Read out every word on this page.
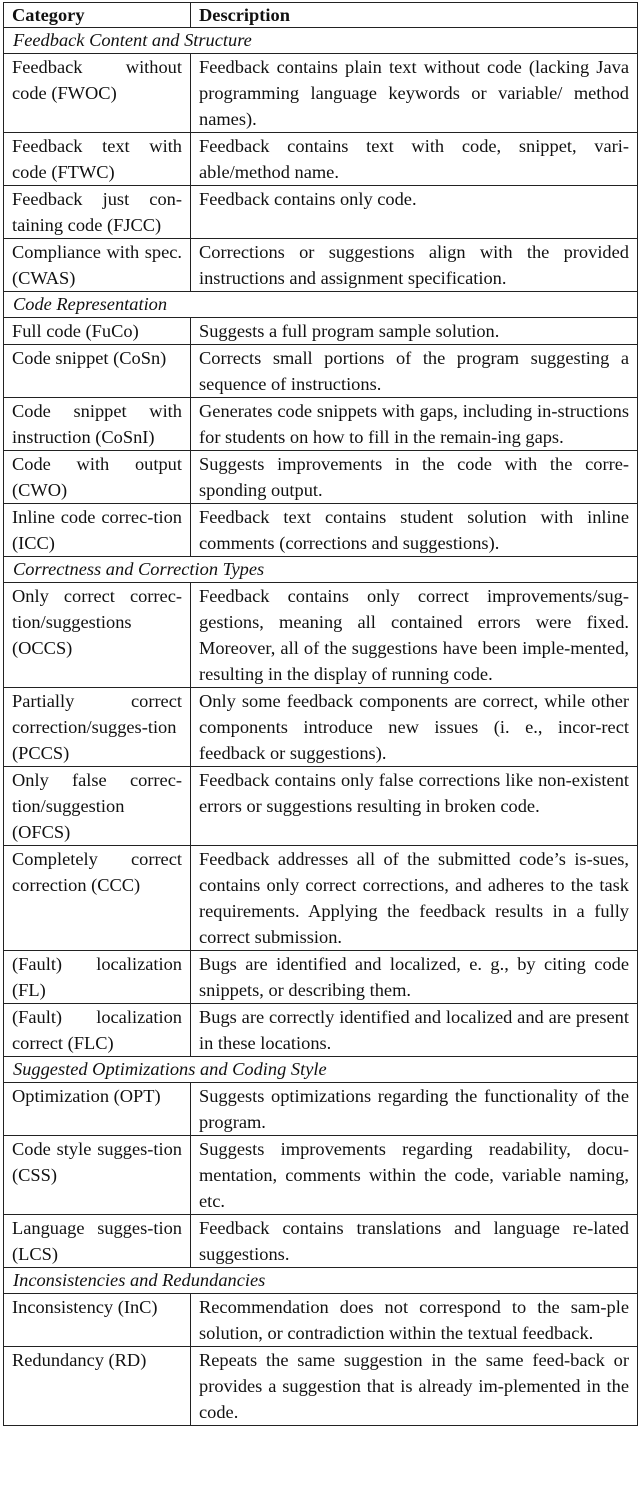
Category	Description
Feedback Content and Structure	
Feedback without code (FWOC)	Feedback contains plain text without code (lacking Java programming language keywords or variable/ method names).
Feedback text with code (FTWC)	Feedback contains text with code, snippet, vari-able/method name.
Feedback just con-taining code (FJCC)	Feedback contains only code.
Compliance with spec. (CWAS)	Corrections or suggestions align with the provided instructions and assignment specification.
Code Representation	
Full code (FuCo)	Suggests a full program sample solution.
Code snippet (CoSn)	Corrects small portions of the program suggesting a sequence of instructions.
Code snippet with instruction (CoSnI)	Generates code snippets with gaps, including in-structions for students on how to fill in the remain-ing gaps.
Code with output (CWO)	Suggests improvements in the code with the corre-sponding output.
Inline code correc-tion (ICC)	Feedback text contains student solution with inline comments (corrections and suggestions).
Correctness and Correction Types	
Only correct correc-tion/suggestions (OCCS)	Feedback contains only correct improvements/sug-gestions, meaning all contained errors were fixed. Moreover, all of the suggestions have been imple-mented, resulting in the display of running code.
Partially correct correction/sugges-tion (PCCS)	Only some feedback components are correct, while other components introduce new issues (i. e., incor-rect feedback or suggestions).
Only false correc-tion/suggestion (OFCS)	Feedback contains only false corrections like non-existent errors or suggestions resulting in broken code.
Completely correct correction (CCC)	Feedback addresses all of the submitted code’s is-sues, contains only correct corrections, and adheres to the task requirements. Applying the feedback results in a fully correct submission.
(Fault) localization (FL)	Bugs are identified and localized, e. g., by citing code snippets, or describing them.
(Fault) localization correct (FLC)	Bugs are correctly identified and localized and are present in these locations.
Suggested Optimizations and Coding Style	
Optimization (OPT)	Suggests optimizations regarding the functionality of the program.
Code style sugges-tion (CSS)	Suggests improvements regarding readability, docu-mentation, comments within the code, variable naming, etc.
Language sugges-tion (LCS)	Feedback contains translations and language re-lated suggestions.
Inconsistencies and Redundancies	
Inconsistency (InC)	Recommendation does not correspond to the sam-ple solution, or contradiction within the textual feedback.
Redundancy (RD)	Repeats the same suggestion in the same feed-back or provides a suggestion that is already im-plemented in the code.
